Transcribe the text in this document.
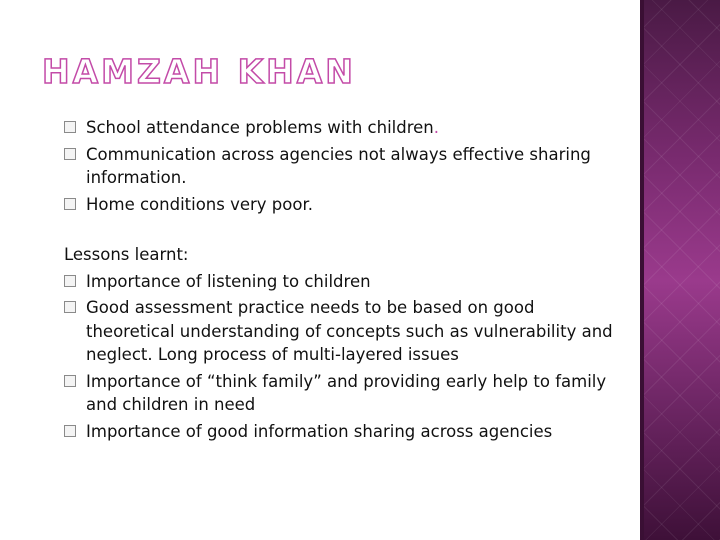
HAMZAH KHAN
School attendance problems with children.
Communication across agencies not always effective sharing information.
Home conditions very poor.
Lessons learnt:
Importance of listening to children
Good assessment practice needs to be based on good theoretical understanding of concepts such as vulnerability and neglect. Long process of multi-layered issues
Importance of “think family” and providing early help to family and children in need
Importance of good information sharing across agencies
